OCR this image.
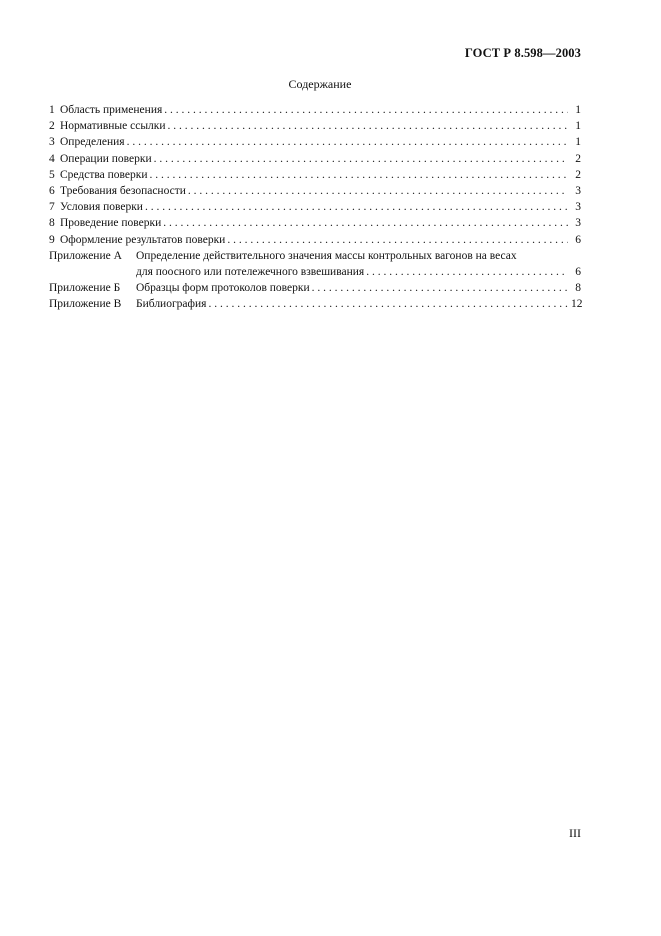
ГОСТ Р 8.598—2003
Содержание
1 Область применения . . .	1
2 Нормативные ссылки . . .	1
3 Определения . . .	1
4 Операции поверки . . .	2
5 Средства поверки . . .	2
6 Требования безопасности . . .	3
7 Условия поверки . . .	3
8 Проведение поверки . . .	3
9 Оформление результатов поверки . . .	6
Приложение А	Определение действительного значения массы контрольных вагонов на весах
для поосного или потележечного взвешивания . . .	6
Приложение Б	Образцы форм протоколов поверки . . .	8
Приложение В	Библиография . . .	12
III
